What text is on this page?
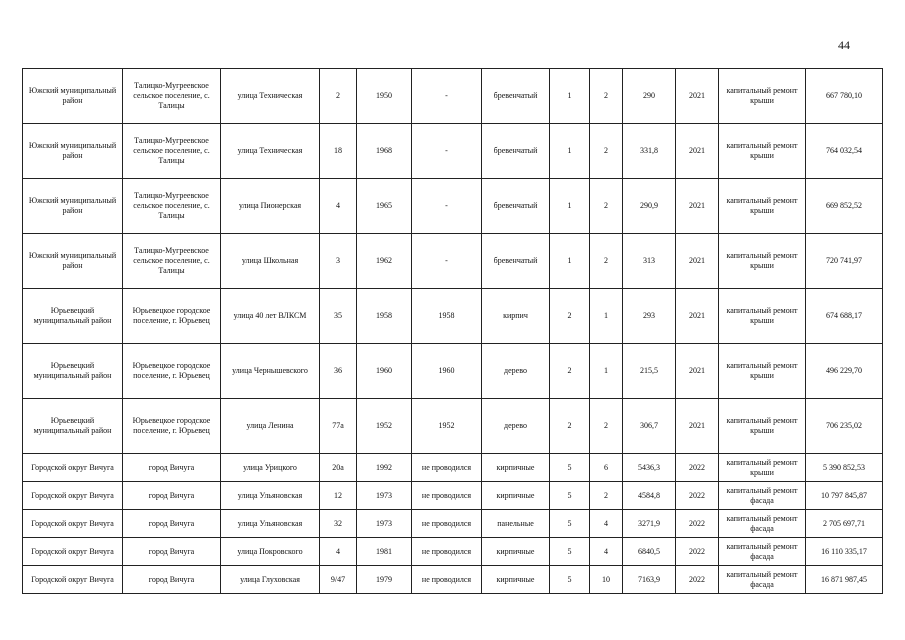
44
Южский муниципальный район	Талицко-Мугреевское сельское поселение, с. Талицы	улица Техническая	2	1950	-	бревенчатый	1	2	290	2021	капитальный ремонт крыши	667 780,10
Южский муниципальный район	Талицко-Мугреевское сельское поселение, с. Талицы	улица Техническая	18	1968	-	бревенчатый	1	2	331,8	2021	капитальный ремонт крыши	764 032,54
Южский муниципальный район	Талицко-Мугреевское сельское поселение, с. Талицы	улица Пионерская	4	1965	-	бревенчатый	1	2	290,9	2021	капитальный ремонт крыши	669 852,52
Южский муниципальный район	Талицко-Мугреевское сельское поселение, с. Талицы	улица Школьная	3	1962	-	бревенчатый	1	2	313	2021	капитальный ремонт крыши	720 741,97
Юрьевецкий муниципальный район	Юрьевецкое городское поселение, г. Юрьевец	улица 40 лет ВЛКСМ	35	1958	1958	кирпич	2	1	293	2021	капитальный ремонт крыши	674 688,17
Юрьевецкий муниципальный район	Юрьевецкое городское поселение, г. Юрьевец	улица Чернышевского	36	1960	1960	дерево	2	1	215,5	2021	капитальный ремонт крыши	496 229,70
Юрьевецкий муниципальный район	Юрьевецкое городское поселение, г. Юрьевец	улица Ленина	77а	1952	1952	дерево	2	2	306,7	2021	капитальный ремонт крыши	706 235,02
Городской округ Вичуга	город Вичуга	улица Урицкого	20а	1992	не проводился	кирпичные	5	6	5436,3	2022	капитальный ремонт крыши	5 390 852,53
Городской округ Вичуга	город Вичуга	улица Ульяновская	12	1973	не проводился	кирпичные	5	2	4584,8	2022	капитальный ремонт фасада	10 797 845,87
Городской округ Вичуга	город Вичуга	улица Ульяновская	32	1973	не проводился	панельные	5	4	3271,9	2022	капитальный ремонт фасада	2 705 697,71
Городской округ Вичуга	город Вичуга	улица Покровского	4	1981	не проводился	кирпичные	5	4	6840,5	2022	капитальный ремонт фасада	16 110 335,17
Городской округ Вичуга	город Вичуга	улица Глуховская	9/47	1979	не проводился	кирпичные	5	10	7163,9	2022	капитальный ремонт фасада	16 871 987,45
